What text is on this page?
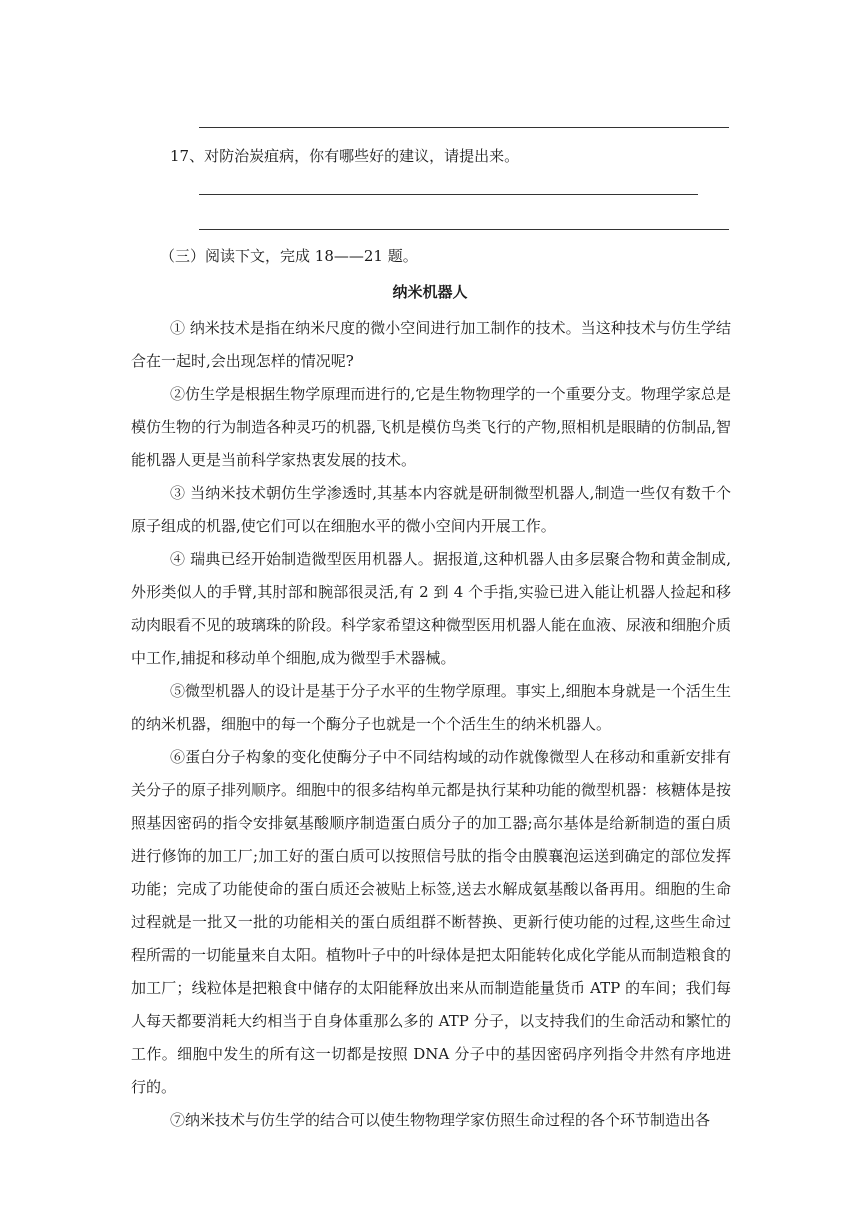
17、对防治炭疽病，你有哪些好的建议，请提出来。

（三）阅读下文，完成 18——21 题。

纳米机器人

① 纳米技术是指在纳米尺度的微小空间进行加工制作的技术。当这种技术与仿生学结合在一起时,会出现怎样的情况呢?

②仿生学是根据生物学原理而进行的,它是生物物理学的一个重要分支。物理学家总是模仿生物的行为制造各种灵巧的机器,飞机是模仿鸟类飞行的产物,照相机是眼睛的仿制品,智能机器人更是当前科学家热衷发展的技术。

③ 当纳米技术朝仿生学渗透时,其基本内容就是研制微型机器人,制造一些仅有数千个原子组成的机器,使它们可以在细胞水平的微小空间内开展工作。

④ 瑞典已经开始制造微型医用机器人。据报道,这种机器人由多层聚合物和黄金制成,外形类似人的手臂,其肘部和腕部很灵活,有 2 到 4 个手指,实验已进入能让机器人捡起和移动肉眼看不见的玻璃珠的阶段。科学家希望这种微型医用机器人能在血液、尿液和细胞介质中工作,捕捉和移动单个细胞,成为微型手术器械。

⑤微型机器人的设计是基于分子水平的生物学原理。事实上,细胞本身就是一个活生生的纳米机器，细胞中的每一个酶分子也就是一个个活生生的纳米机器人。

⑥蛋白分子构象的变化使酶分子中不同结构域的动作就像微型人在移动和重新安排有关分子的原子排列顺序。细胞中的很多结构单元都是执行某种功能的微型机器：核糖体是按照基因密码的指令安排氨基酸顺序制造蛋白质分子的加工器;高尔基体是给新制造的蛋白质进行修饰的加工厂;加工好的蛋白质可以按照信号肽的指令由膜襄泡运送到确定的部位发挥功能；完成了功能使命的蛋白质还会被贴上标签,送去水解成氨基酸以备再用。细胞的生命过程就是一批又一批的功能相关的蛋白质组群不断替换、更新行使功能的过程,这些生命过程所需的一切能量来自太阳。植物叶子中的叶绿体是把太阳能转化成化学能从而制造粮食的加工厂；线粒体是把粮食中储存的太阳能释放出来从而制造能量货币 ATP 的车间；我们每人每天都要消耗大约相当于自身体重那么多的 ATP 分子，以支持我们的生命活动和繁忙的工作。细胞中发生的所有这一切都是按照 DNA 分子中的基因密码序列指令井然有序地进行的。

⑦纳米技术与仿生学的结合可以使生物物理学家仿照生命过程的各个环节制造出各
